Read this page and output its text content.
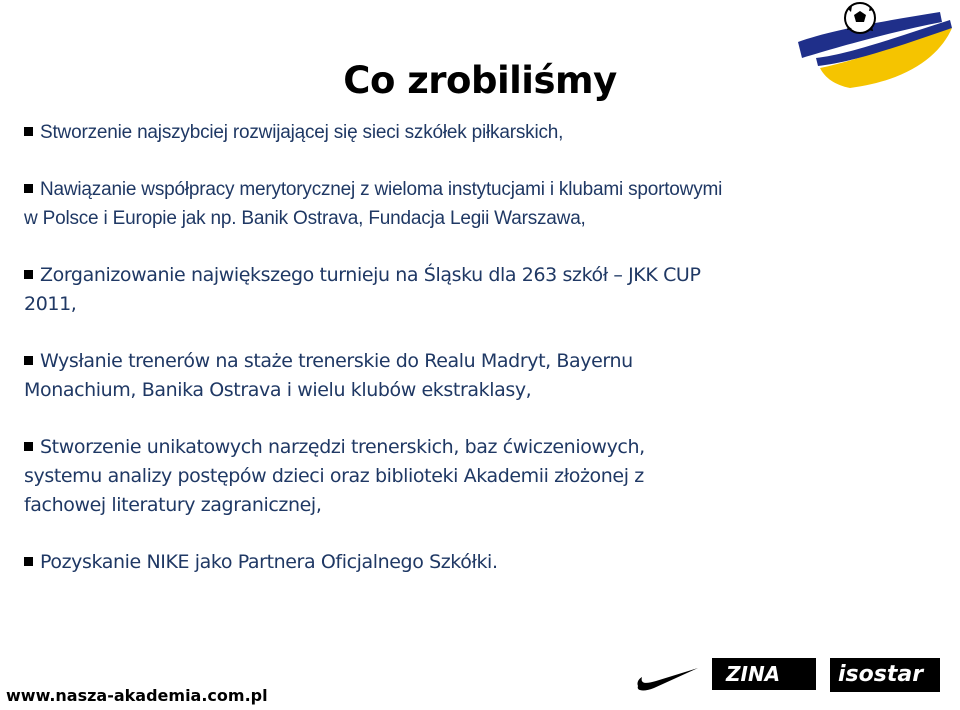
Co zrobiliśmy
Stworzenie najszybciej rozwijającej się sieci szkółek piłkarskich,
Nawiązanie współpracy merytorycznej z wieloma instytucjami i klubami sportowymi w Polsce i Europie jak np. Banik Ostrava, Fundacja Legii Warszawa,
Zorganizowanie największego turnieju na Śląsku dla 263 szkół – JKK CUP 2011,
Wysłanie trenerów na staże trenerskie do Realu Madryt, Bayernu Monachium, Banika Ostrava i wielu klubów ekstraklasy,
Stworzenie unikatowych narzędzi trenerskich, baz ćwiczeniowych, systemu analizy postępów dzieci oraz biblioteki Akademii złożonej z fachowej literatury zagranicznej,
Pozyskanie NIKE jako Partnera Oficjalnego Szkółki.
www.nasza-akademia.com.pl
ZINA	isostar
